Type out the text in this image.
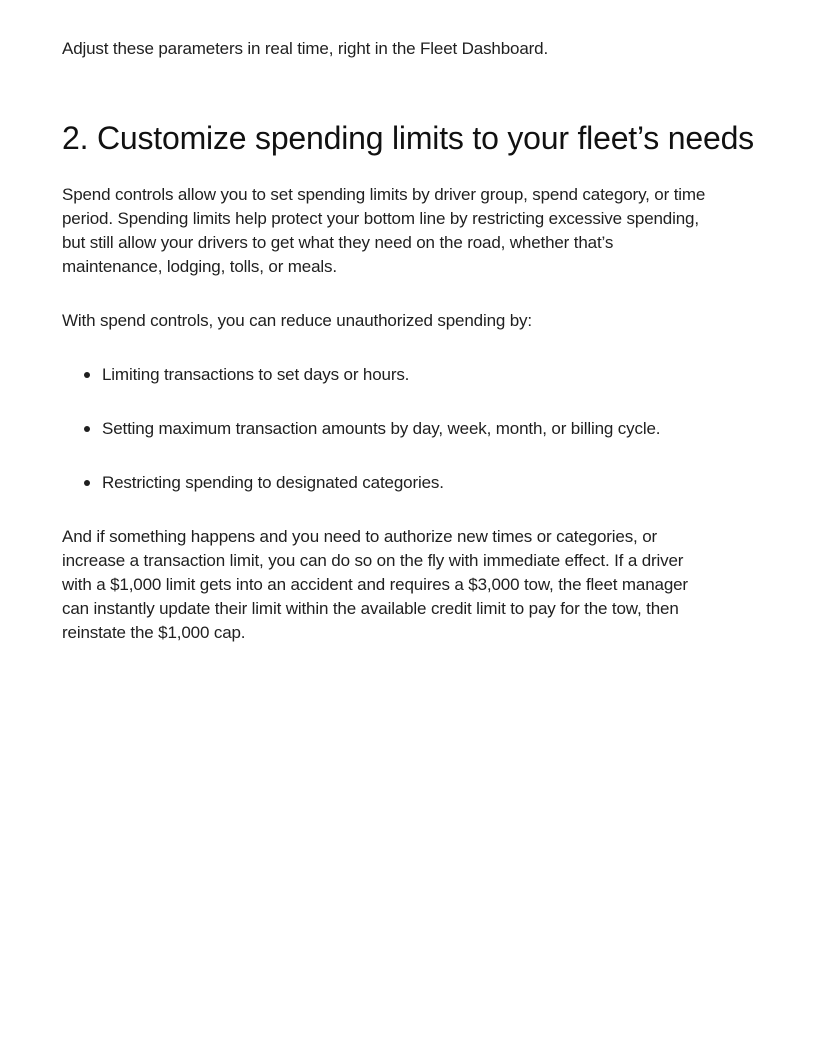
Adjust these parameters in real time, right in the Fleet Dashboard.
2. Customize spending limits to your fleet’s needs
Spend controls allow you to set spending limits by driver group, spend category, or time
period. Spending limits help protect your bottom line by restricting excessive spending,
but still allow your drivers to get what they need on the road, whether that’s
maintenance, lodging, tolls, or meals.
With spend controls, you can reduce unauthorized spending by:
Limiting transactions to set days or hours.
Setting maximum transaction amounts by day, week, month, or billing cycle.
Restricting spending to designated categories.
And if something happens and you need to authorize new times or categories, or
increase a transaction limit, you can do so on the fly with immediate effect. If a driver
with a $1,000 limit gets into an accident and requires a $3,000 tow, the fleet manager
can instantly update their limit within the available credit limit to pay for the tow, then
reinstate the $1,000 cap.
